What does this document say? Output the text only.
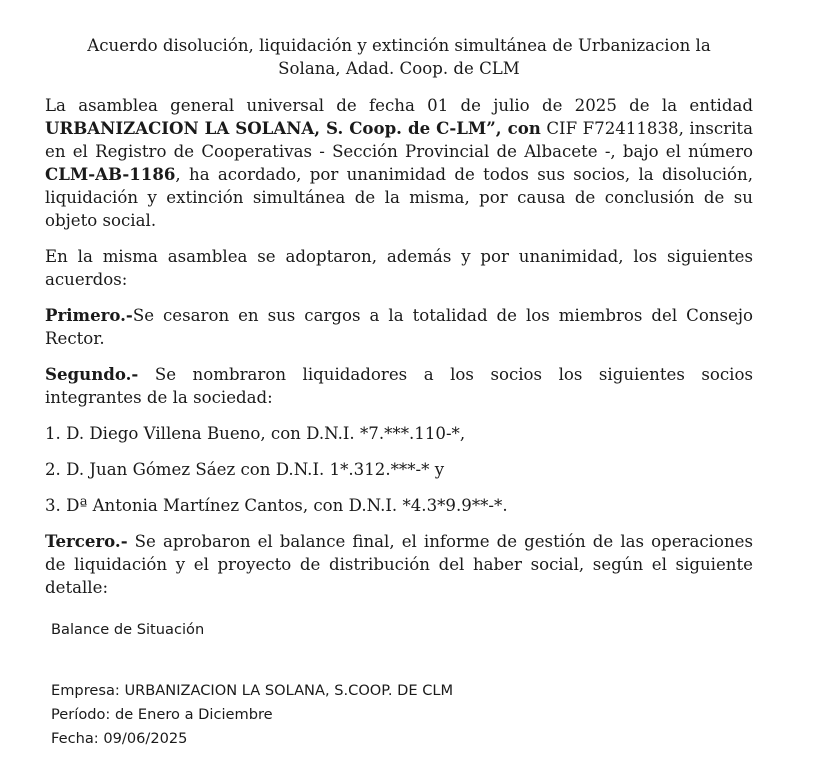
Acuerdo disolución, liquidación y extinción simultánea de Urbanizacion la
Solana, Adad. Coop. de CLM

La asamblea general universal de fecha 01 de julio de 2025 de la entidad URBANIZACION LA SOLANA, S. Coop. de C-LM”, con CIF F72411838, inscrita en el Registro de Cooperativas - Sección Provincial de Albacete -, bajo el número CLM-AB-1186, ha acordado, por unanimidad de todos sus socios, la disolución, liquidación y extinción simultánea de la misma, por causa de conclusión de su objeto social.

En la misma asamblea se adoptaron, además y por unanimidad, los siguientes acuerdos:

Primero.-Se cesaron en sus cargos a la totalidad de los miembros del Consejo Rector.

Segundo.- Se nombraron liquidadores a los socios los siguientes socios integrantes de la sociedad:

1. D. Diego Villena Bueno, con D.N.I. *7.***.110-*,
2. D. Juan Gómez Sáez con D.N.I. 1*.312.***-* y
3. Dª Antonia Martínez Cantos, con D.N.I. *4.3*9.9**-*.

Tercero.- Se aprobaron el balance final, el informe de gestión de las operaciones de liquidación y el proyecto de distribución del haber social, según el siguiente detalle:

Balance de Situación
Empresa: URBANIZACION LA SOLANA, S.COOP. DE CLM
Período: de Enero a Diciembre
Fecha: 09/06/2025
